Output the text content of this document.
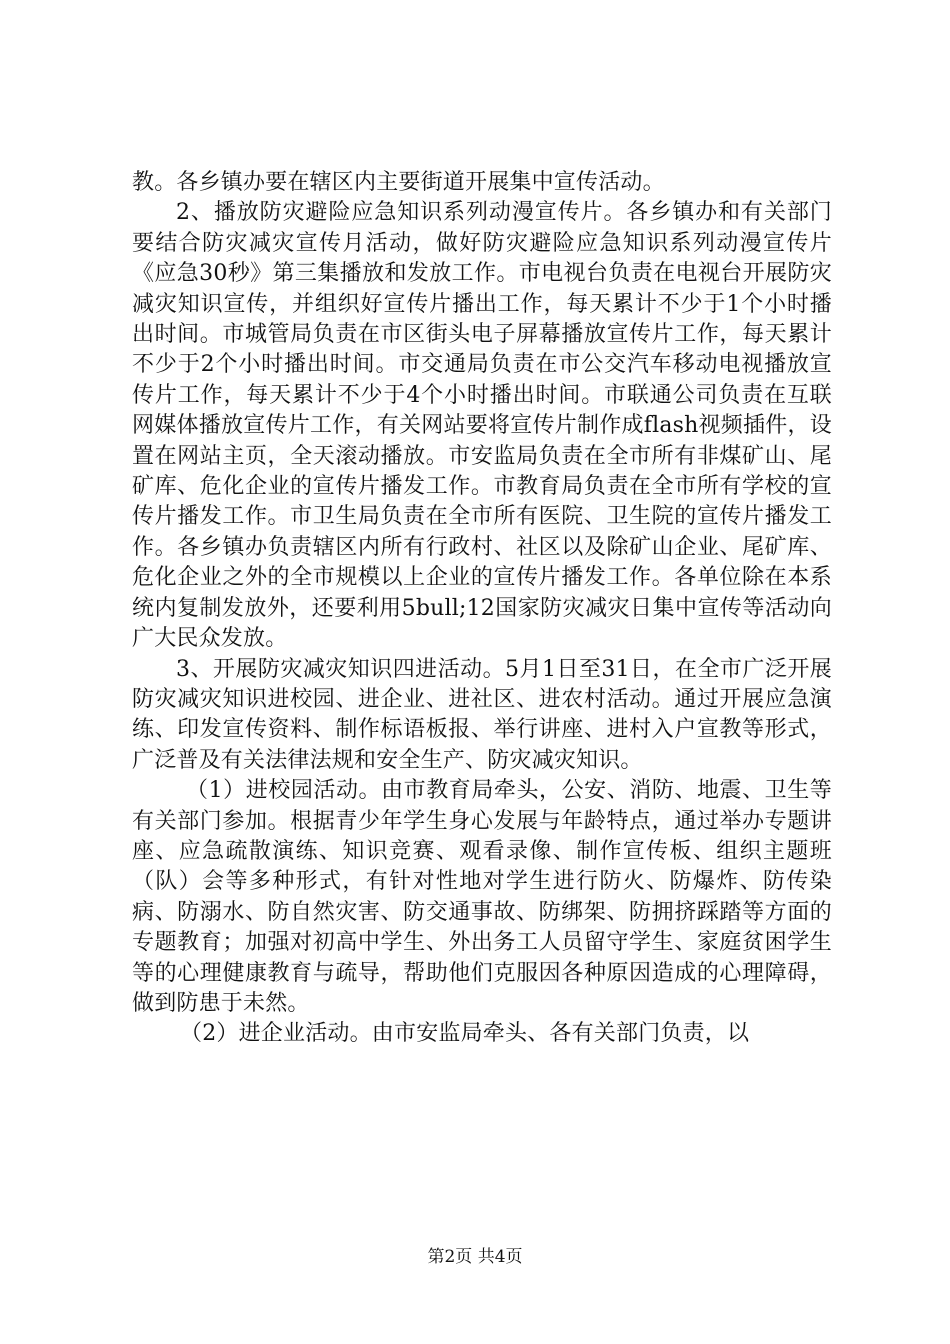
教。各乡镇办要在辖区内主要街道开展集中宣传活动。

2、播放防灾避险应急知识系列动漫宣传片。各乡镇办和有关部门要结合防灾减灾宣传月活动，做好防灾避险应急知识系列动漫宣传片《应急30秒》第三集播放和发放工作。市电视台负责在电视台开展防灾减灾知识宣传，并组织好宣传片播出工作，每天累计不少于1个小时播出时间。市城管局负责在市区街头电子屏幕播放宣传片工作，每天累计不少于2个小时播出时间。市交通局负责在市公交汽车移动电视播放宣传片工作，每天累计不少于4个小时播出时间。市联通公司负责在互联网媒体播放宣传片工作，有关网站要将宣传片制作成flash视频插件，设置在网站主页，全天滚动播放。市安监局负责在全市所有非煤矿山、尾矿库、危化企业的宣传片播发工作。市教育局负责在全市所有学校的宣传片播发工作。市卫生局负责在全市所有医院、卫生院的宣传片播发工作。各乡镇办负责辖区内所有行政村、社区以及除矿山企业、尾矿库、危化企业之外的全市规模以上企业的宣传片播发工作。各单位除在本系统内复制发放外，还要利用5bull;12国家防灾减灾日集中宣传等活动向广大民众发放。

3、开展防灾减灾知识四进活动。5月1日至31日，在全市广泛开展防灾减灾知识进校园、进企业、进社区、进农村活动。通过开展应急演练、印发宣传资料、制作标语板报、举行讲座、进村入户宣教等形式，广泛普及有关法律法规和安全生产、防灾减灾知识。

（1）进校园活动。由市教育局牵头，公安、消防、地震、卫生等有关部门参加。根据青少年学生身心发展与年龄特点，通过举办专题讲座、应急疏散演练、知识竞赛、观看录像、制作宣传板、组织主题班（队）会等多种形式，有针对性地对学生进行防火、防爆炸、防传染病、防溺水、防自然灾害、防交通事故、防绑架、防拥挤踩踏等方面的专题教育；加强对初高中学生、外出务工人员留守学生、家庭贫困学生等的心理健康教育与疏导，帮助他们克服因各种原因造成的心理障碍，做到防患于未然。

（2）进企业活动。由市安监局牵头、各有关部门负责，以

第2页 共4页
